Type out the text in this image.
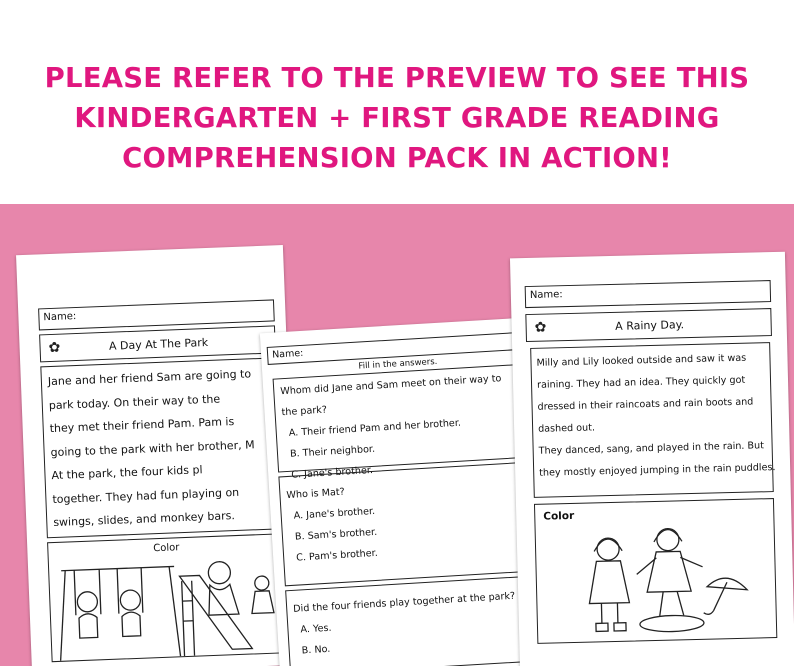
PLEASE REFER TO THE PREVIEW TO SEE THIS
KINDERGARTEN + FIRST GRADE READING
COMPREHENSION PACK IN ACTION!
Name:
✿	A Day At The Park
Jane and her friend Sam are going to
park today. On their way to the
they met their friend Pam. Pam is
going to the park with her brother, M
At the park, the four kids pl
together. They had fun playing on
swings, slides, and monkey bars.
Color
Name:
Fill in the answers.
Whom did Jane and Sam meet on their way to
the park?
A. Their friend Pam and her brother.
B. Their neighbor.
C. Jane's brother.
Who is Mat?
A. Jane's brother.
B. Sam's brother.
C. Pam's brother.
Did the four friends play together at the park?
A. Yes.
B. No.
Name:
✿	A Rainy Day.
Milly and Lily looked outside and saw it was
raining. They had an idea. They quickly got
dressed in their raincoats and rain boots and
dashed out.
They danced, sang, and played in the rain. But
they mostly enjoyed jumping in the rain puddles.
Color
